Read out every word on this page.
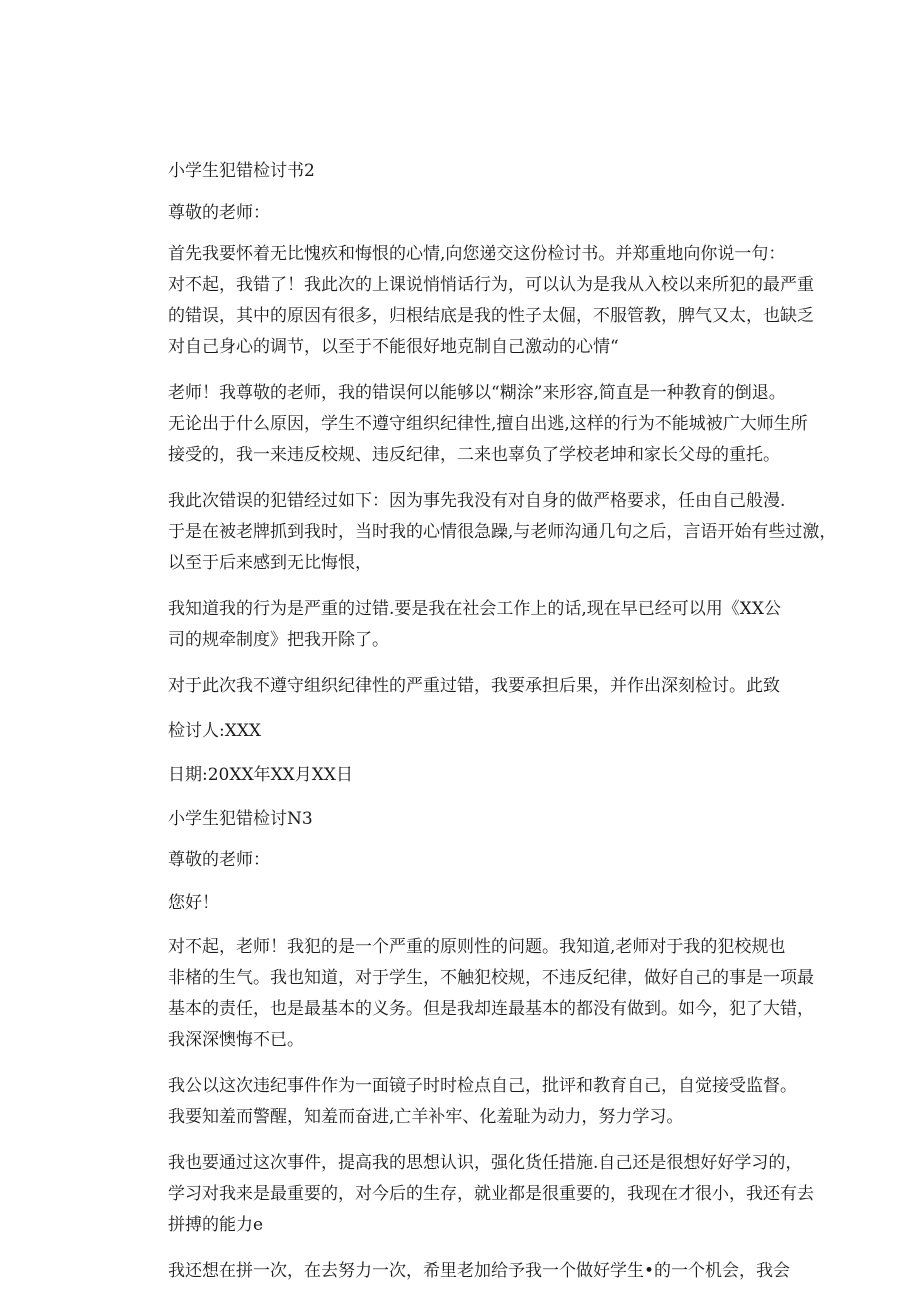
小学生犯错检讨书2
尊敬的老师：
首先我要怀着无比愧疚和悔恨的心情,向您递交这份检讨书。并郑重地向你说一句：
对不起，我错了！我此次的上课说悄悄话行为，可以认为是我从入校以来所犯的最严重
的错误，其中的原因有很多，归根结底是我的性子太倔，不服管教，脾气又太，也缺乏
对自己身心的调节，以至于不能很好地克制自己激动的心情“
老师！我尊敬的老师，我的错误何以能够以“糊涂”来形容,简直是一种教育的倒退。
无论出于什么原因，学生不遵守组织纪律性,擅自出逃,这样的行为不能城被广大师生所
接受的，我一来违反校规、违反纪律，二来也辜负了学校老坤和家长父母的重托。
我此次错误的犯错经过如下：因为事先我没有对自身的做严格要求，任由自己般漫.
于是在被老牌抓到我时，当时我的心情很急躁,与老师沟通几句之后，言语开始有些过激，
以至于后来感到无比悔恨，
我知道我的行为是严重的过错.要是我在社会工作上的话,现在早已经可以用《XX公
司的规牵制度》把我开除了。
对于此次我不遵守组织纪律性的严重过错，我要承担后果，并作出深刻检讨。此致
检讨人:XXX
日期:20XX年XX月XX日
小学生犯错检讨N3
尊敬的老师：
您好！
对不起，老师！我犯的是一个严重的原则性的问题。我知道,老师对于我的犯校规也
非楮的生气。我也知道，对于学生，不触犯校规，不违反纪律，做好自己的事是一项最
基本的责任，也是最基本的义务。但是我却连最基本的都没有做到。如今，犯了大错，
我深深懊悔不已。
我公以这次违纪事件作为一面镜子时时检点自己，批评和教育自己，自觉接受监督。
我要知羞而警醒，知羞而奋进,亡羊补牢、化羞耻为动力，努力学习。
我也要通过这次事件，提高我的思想认识，强化货任措施.自己还是很想好好学习的，
学习对我来是最重要的，对今后的生存，就业都是很重要的，我现在才很小，我还有去
拼搏的能力e
我还想在拼一次，在去努力一次，希里老加给予我一个做好学生•的一个机会，我会
